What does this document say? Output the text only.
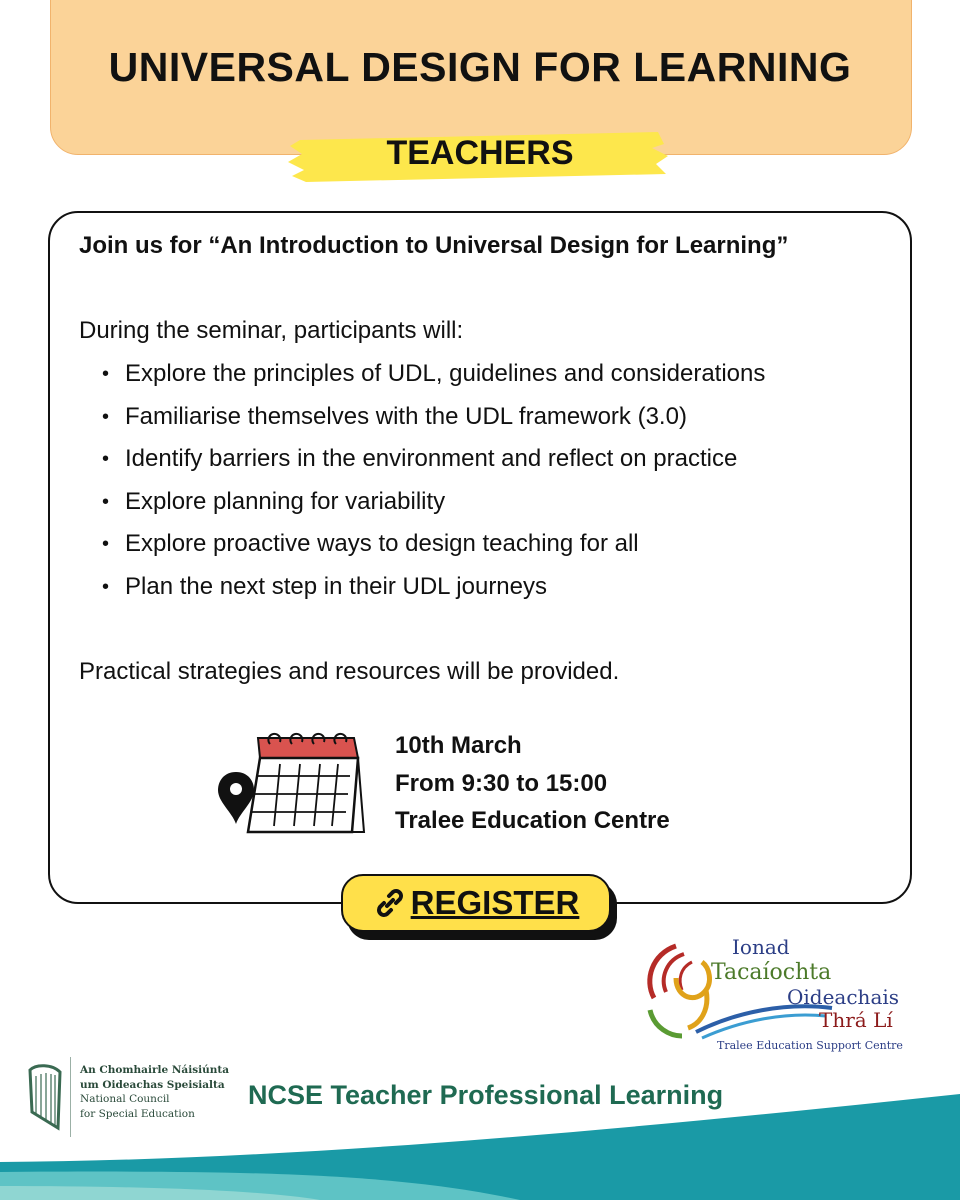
UNIVERSAL DESIGN FOR LEARNING
TEACHERS
Join us for “An Introduction to Universal Design for Learning”
During the seminar, participants will:
• Explore the principles of UDL, guidelines and considerations
• Familiarise themselves with the UDL framework (3.0)
• Identify barriers in the environment and reflect on practice
• Explore planning for variability
• Explore proactive ways to design teaching for all
• Plan the next step in their UDL journeys
Practical strategies and resources will be provided.
10th March
From 9:30 to 15:00
Tralee Education Centre
REGISTER
Ionad
Tacaíochta
Oideachais
Thrá Lí
Tralee Education Support Centre
An Chomhairle Náisiúnta
um Oideachas Speisialta
National Council
for Special Education
NCSE Teacher Professional Learning
